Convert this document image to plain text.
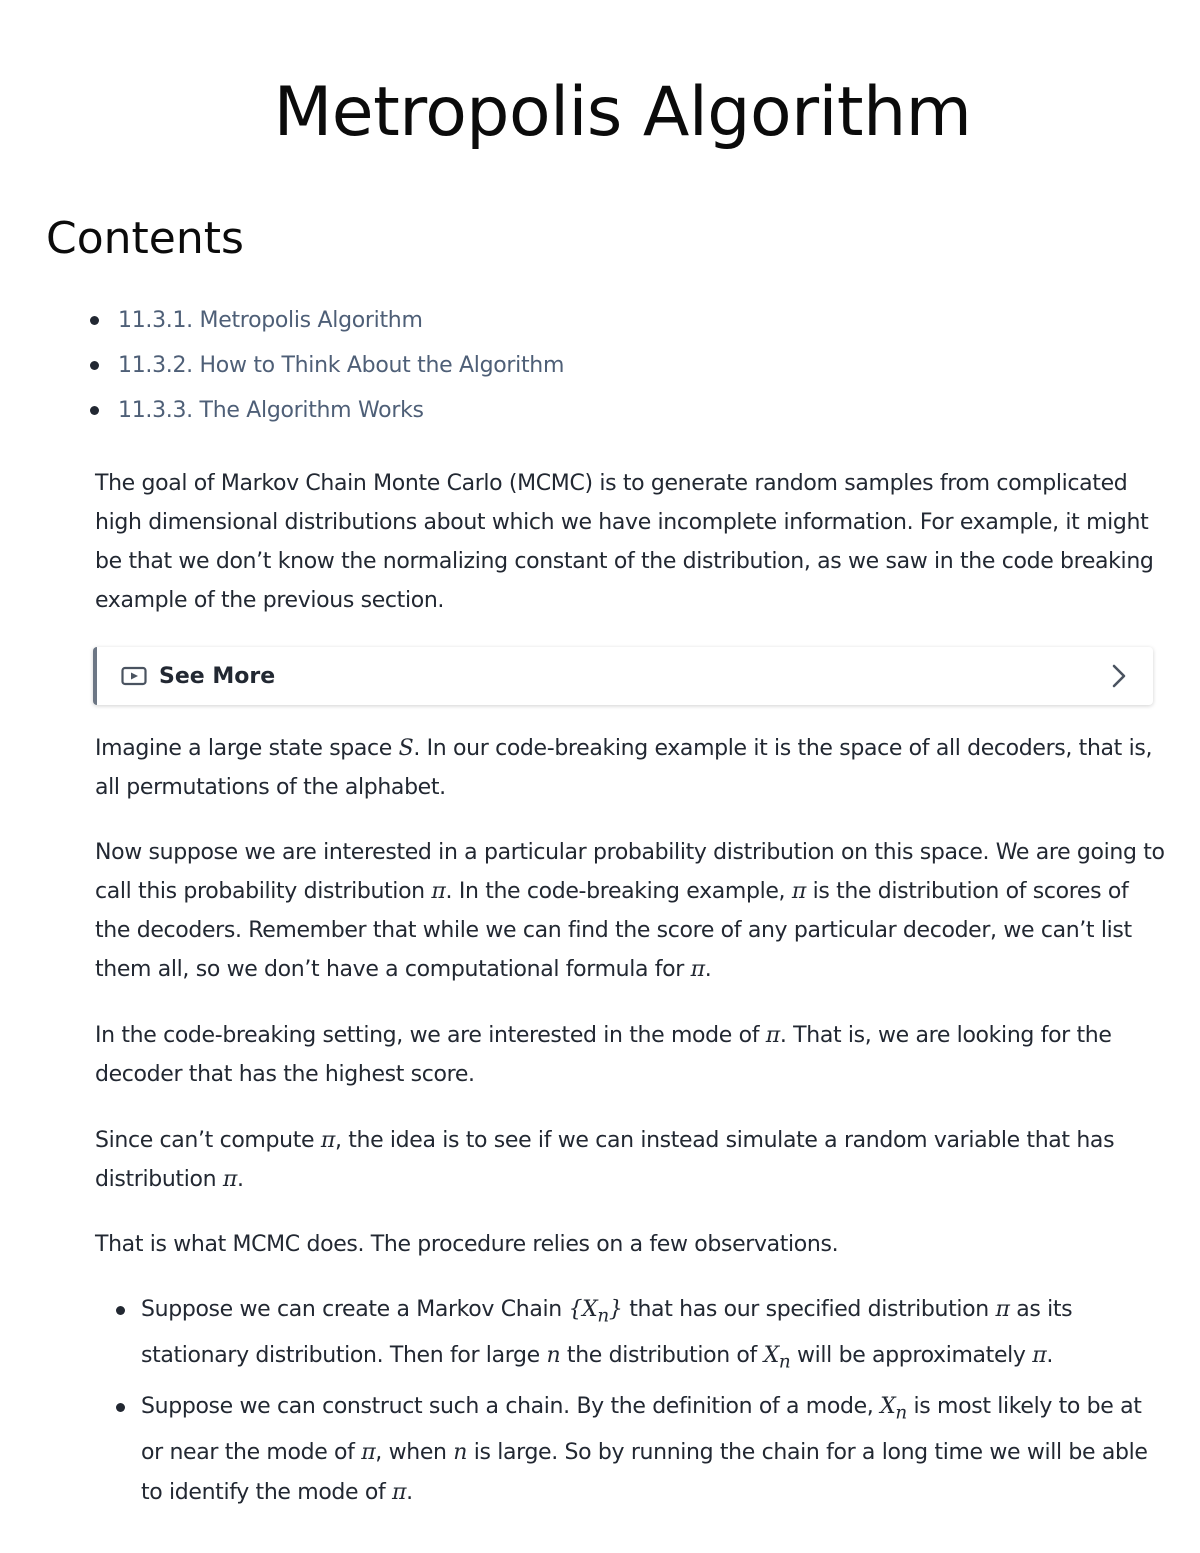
Metropolis Algorithm
Contents
11.3.1. Metropolis Algorithm
11.3.2. How to Think About the Algorithm
11.3.3. The Algorithm Works

The goal of Markov Chain Monte Carlo (MCMC) is to generate random samples from complicated high dimensional distributions about which we have incomplete information. For example, it might be that we don’t know the normalizing constant of the distribution, as we saw in the code breaking example of the previous section.

See More

Imagine a large state space S. In our code-breaking example it is the space of all decoders, that is, all permutations of the alphabet.

Now suppose we are interested in a particular probability distribution on this space. We are going to call this probability distribution π. In the code-breaking example, π is the distribution of scores of the decoders. Remember that while we can find the score of any particular decoder, we can’t list them all, so we don’t have a computational formula for π.

In the code-breaking setting, we are interested in the mode of π. That is, we are looking for the decoder that has the highest score.

Since can’t compute π, the idea is to see if we can instead simulate a random variable that has distribution π.

That is what MCMC does. The procedure relies on a few observations.

Suppose we can create a Markov Chain $\{X_n\}$ that has our specified distribution π as its stationary distribution. Then for large n the distribution of $X_n$ will be approximately π.
Suppose we can construct such a chain. By the definition of a mode, $X_n$ is most likely to be at or near the mode of π, when n is large. So by running the chain for a long time we will be able to identify the mode of π.
